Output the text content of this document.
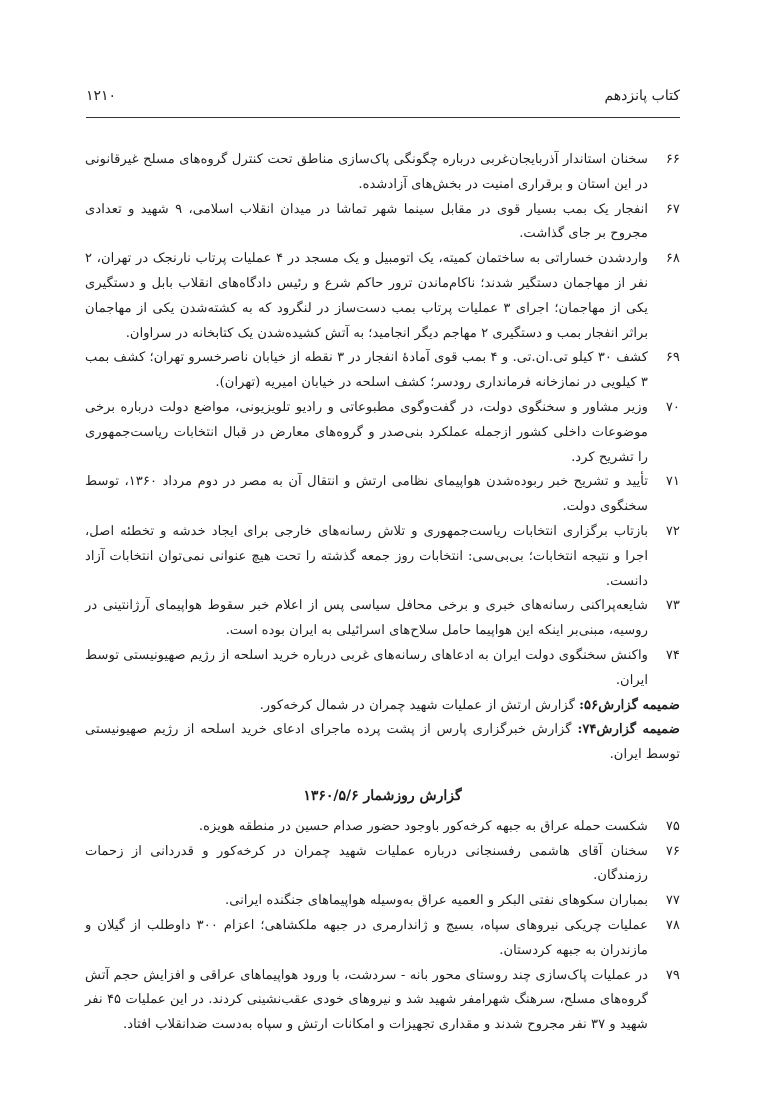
کتاب پانزدهم
۱۲۱۰
۶۶
سخنان استاندار آذربایجان‌غربی درباره چگونگی پاک‌سازی مناطق تحت کنترل گروه‌های مسلح غیرقانونی در این استان و برقراری امنیت در بخش‌های آزادشده.
۶۷
انفجار یک بمب بسیار قوی در مقابل سینما شهر تماشا در میدان انقلاب اسلامی، ۹ شهید و تعدادی مجروح بر جای گذاشت.
۶۸
واردشدن خساراتی به ساختمان کمیته، یک اتومبیل و یک مسجد در ۴ عملیات پرتاب نارنجک در تهران، ۲ نفر از مهاجمان دستگیر شدند؛ ناکام‌ماندن ترور حاکم شرع و رئیس دادگاه‌های انقلاب بابل و دستگیری یکی از مهاجمان؛ اجرای ۳ عملیات پرتاب بمب دست‌ساز در لنگرود که به کشته‌شدن یکی از مهاجمان براثر انفجار بمب و دستگیری ۲ مهاجم دیگر انجامید؛ به آتش کشیده‌شدن یک کتابخانه در سراوان.
۶۹
کشف ۳۰ کیلو تی.ان.تی. و ۴ بمب قوی آمادهٔ انفجار در ۳ نقطه از خیابان ناصرخسرو تهران؛ کشف بمب ۳ کیلویی در نمازخانه فرمانداری رودسر؛ کشف اسلحه در خیابان امیریه (تهران).
۷۰
وزیر مشاور و سخنگوی دولت، در گفت‌وگوی مطبوعاتی و رادیو تلویزیونی، مواضع دولت درباره برخی موضوعات داخلی کشور ازجمله عملکرد بنی‌صدر و گروه‌های معارض در قبال انتخابات ریاست‌جمهوری را تشریح کرد.
۷۱
تأیید و تشریح خبر ربوده‌شدن هواپیمای نظامی ارتش و انتقال آن به مصر در دوم مرداد ۱۳۶۰، توسط سخنگوی دولت.
۷۲
بازتاب برگزاری انتخابات ریاست‌جمهوری و تلاش رسانه‌های خارجی برای ایجاد خدشه و تخطئه اصل، اجرا و نتیجه انتخابات؛ بی‌بی‌سی: انتخابات روز جمعه گذشته را تحت هیچ عنوانی نمی‌توان انتخابات آزاد دانست.
۷۳
شایعه‌پراکنی رسانه‌های خبری و برخی محافل سیاسی پس از اعلام خبر سقوط هواپیمای آرژانتینی در روسیه، مبنی‌بر اینکه این هواپیما حامل سلاح‌های اسرائیلی به ایران بوده است.
۷۴
واکنش سخنگوی دولت ایران به ادعاهای رسانه‌های غربی درباره خرید اسلحه از رژیم صهیونیستی توسط ایران.
ضمیمه گزارش۵۶: گزارش ارتش از عملیات شهید چمران در شمال کرخه‌کور.
ضمیمه گزارش۷۴: گزارش خبرگزاری پارس از پشت پرده ماجرای ادعای خرید اسلحه از رژیم صهیونیستی توسط ایران.
گزارش روزشمار ۱۳۶۰/۵/۶
۷۵
شکست حمله عراق به جبهه کرخه‌کور باوجود حضور صدام حسین در منطقه هویزه.
۷۶
سخنان آقای هاشمی رفسنجانی درباره عملیات شهید چمران در کرخه‌کور و قدردانی از زحمات رزمندگان.
۷۷
بمباران سکوهای نفتی البکر و العمیه عراق به‌وسیله هواپیماهای جنگنده ایرانی.
۷۸
عملیات چریکی نیروهای سپاه، بسیج و ژاندارمری در جبهه ملکشاهی؛ اعزام ۳۰۰ داوطلب از گیلان و مازندران به جبهه کردستان.
۷۹
در عملیات پاک‌سازی چند روستای محور بانه - سردشت، با ورود هواپیماهای عراقی و افزایش حجم آتش گروه‌های مسلح، سرهنگ شهرامفر شهید شد و نیروهای خودی عقب‌نشینی کردند. در این عملیات ۴۵ نفر شهید و ۳۷ نفر مجروح شدند و مقداری تجهیزات و امکانات ارتش و سپاه به‌دست ضدانقلاب افتاد.
